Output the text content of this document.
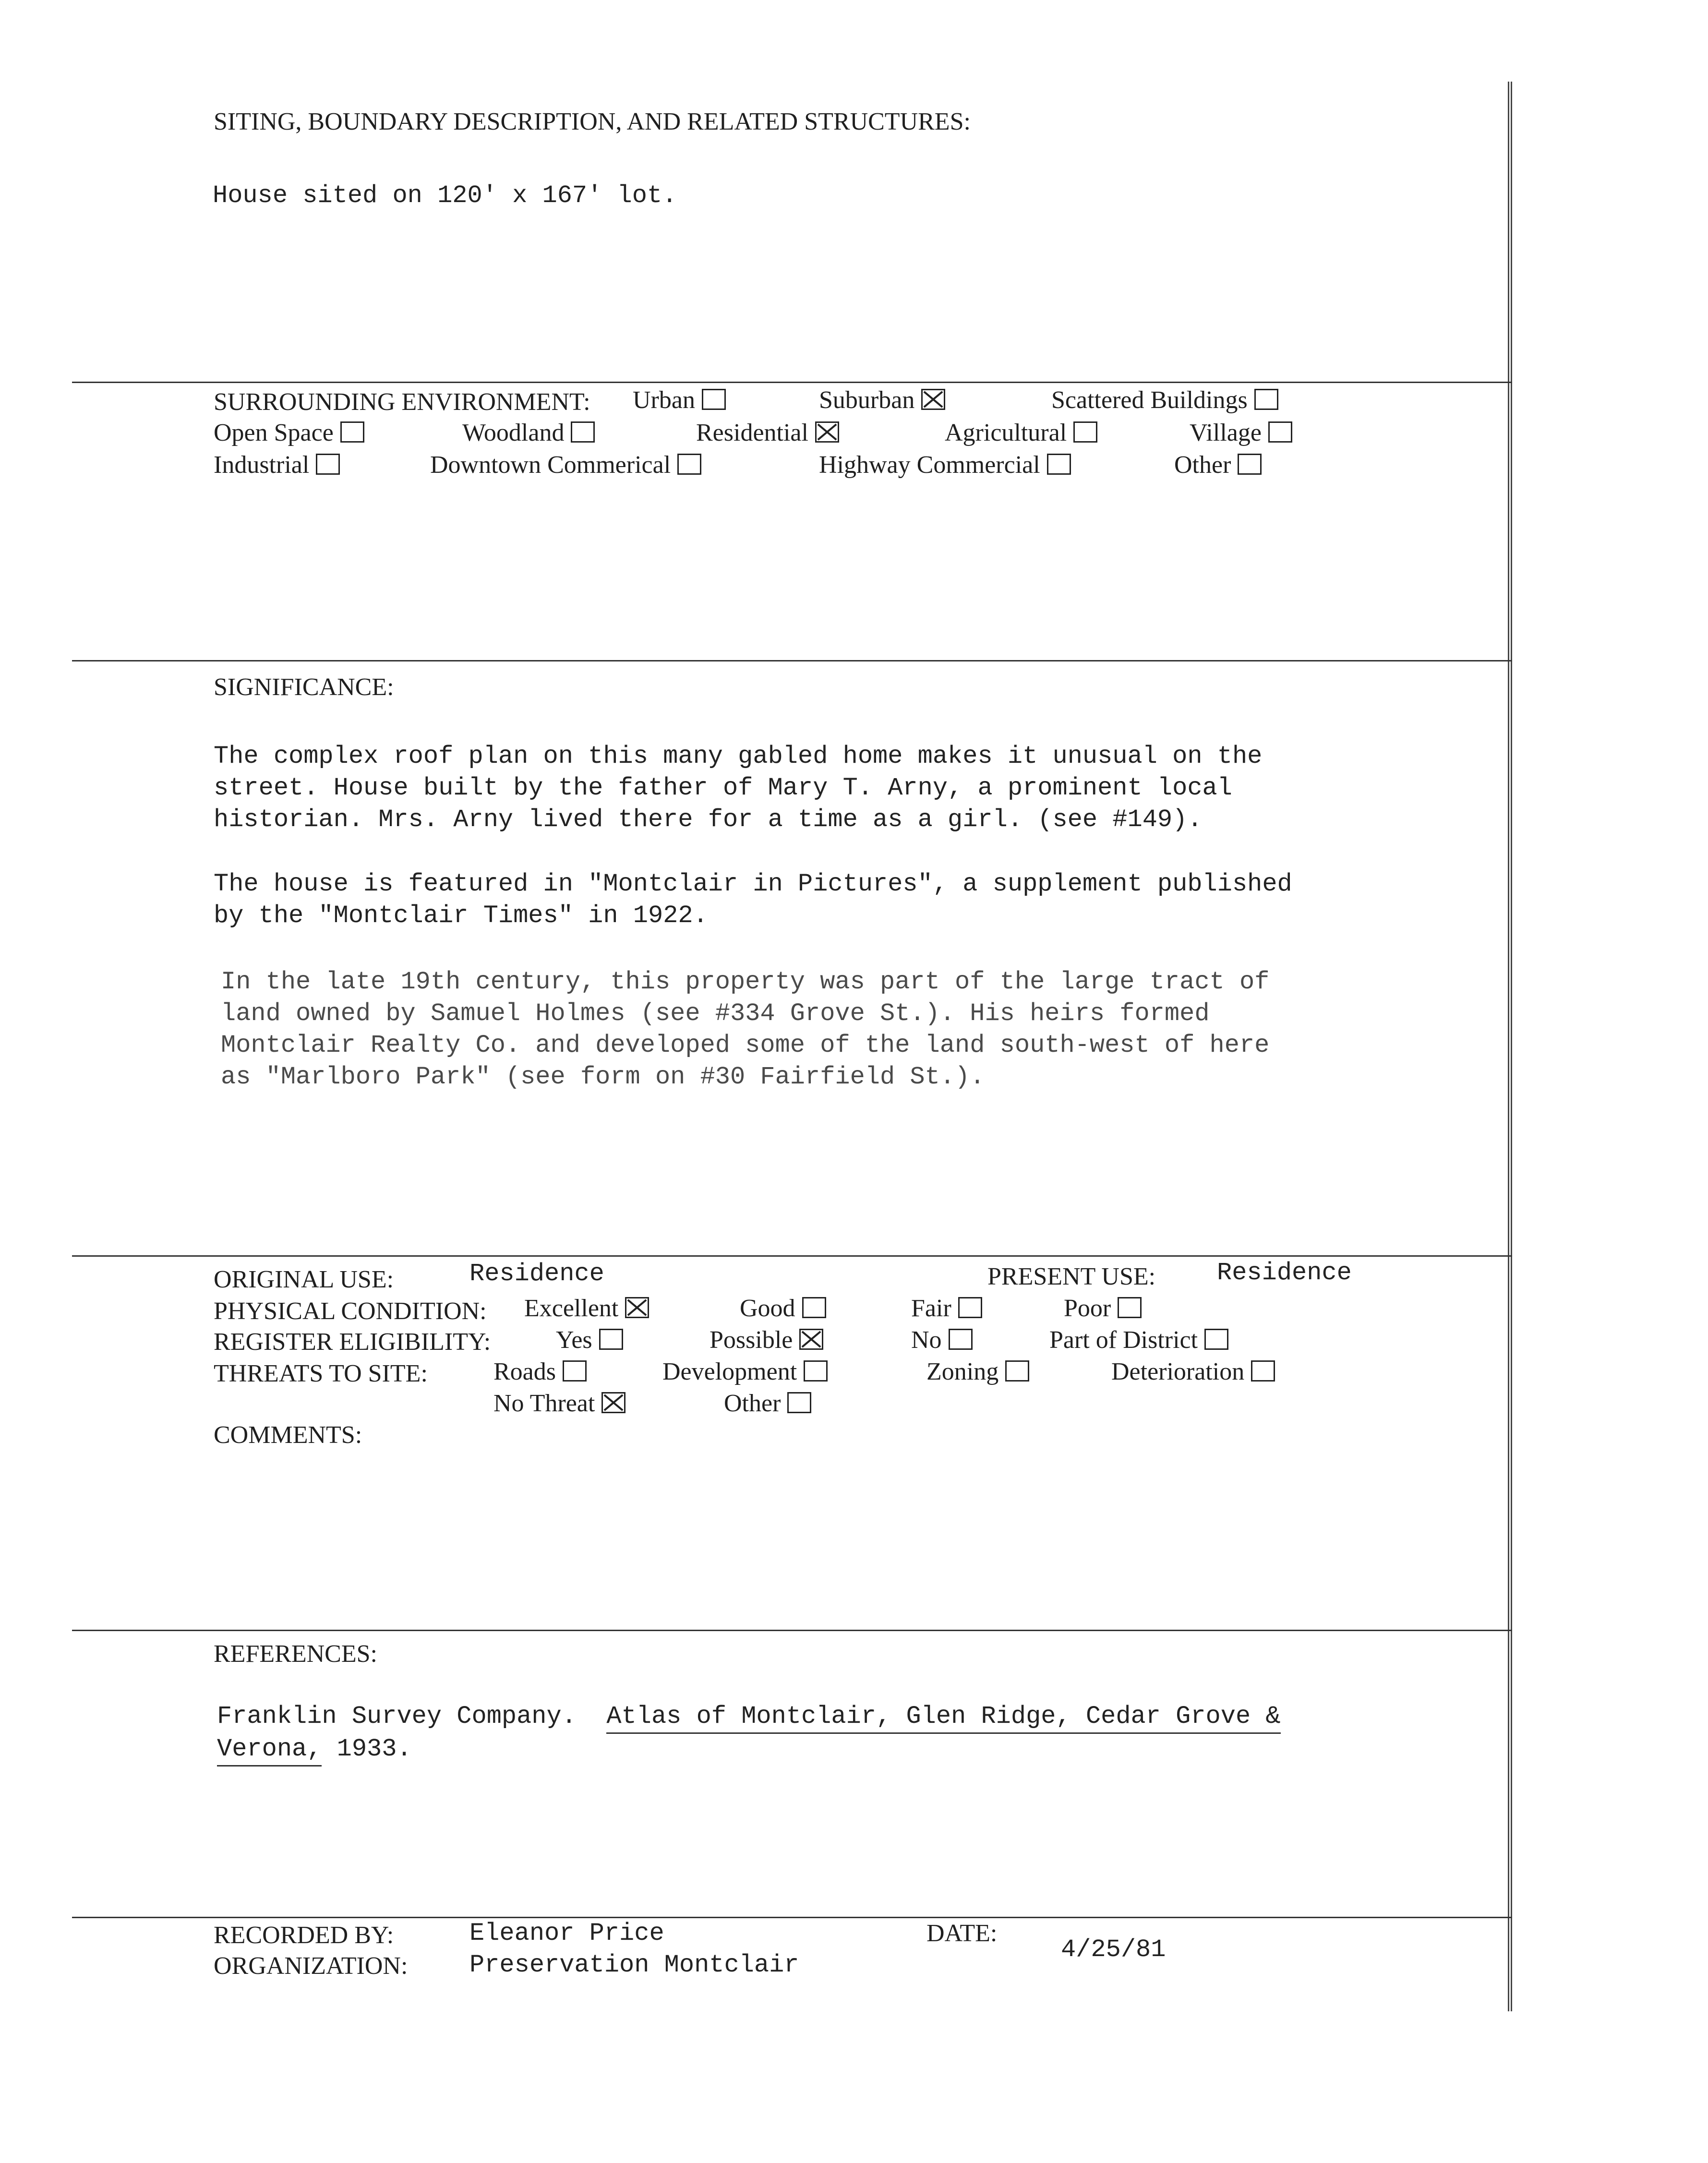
SITING, BOUNDARY DESCRIPTION, AND RELATED STRUCTURES:
House sited on 120' x 167' lot.
SURROUNDING ENVIRONMENT: Urban	Suburban	Scattered Buildings
Open Space	Woodland	Residential	Agricultural	Village
Industrial	Downtown Commerical	Highway Commercial	Other
SIGNIFICANCE:
The complex roof plan on this many gabled home makes it unusual on the
street. House built by the father of Mary T. Arny, a prominent local
historian. Mrs. Arny lived there for a time as a girl. (see #149).
The house is featured in "Montclair in Pictures", a supplement published
by the "Montclair Times" in 1922.
In the late 19th century, this property was part of the large tract of
land owned by Samuel Holmes (see #334 Grove St.). His heirs formed
Montclair Realty Co. and developed some of the land south-west of here
as "Marlboro Park" (see form on #30 Fairfield St.).
ORIGINAL USE:	Residence	PRESENT USE: Residence
PHYSICAL CONDITION: Excellent	Good	Fair	Poor
REGISTER ELIGIBILITY:	Yes	Possible	No	Part of District
THREATS TO SITE:	Roads	Development	Zoning	Deterioration
No Threat	Other
COMMENTS:
REFERENCES:
Franklin Survey Company. Atlas of Montclair, Glen Ridge, Cedar Grove &
Verona, 1933.
RECORDED BY:	Eleanor Price
ORGANIZATION: Preservation Montclair
DATE:
4/25/81
